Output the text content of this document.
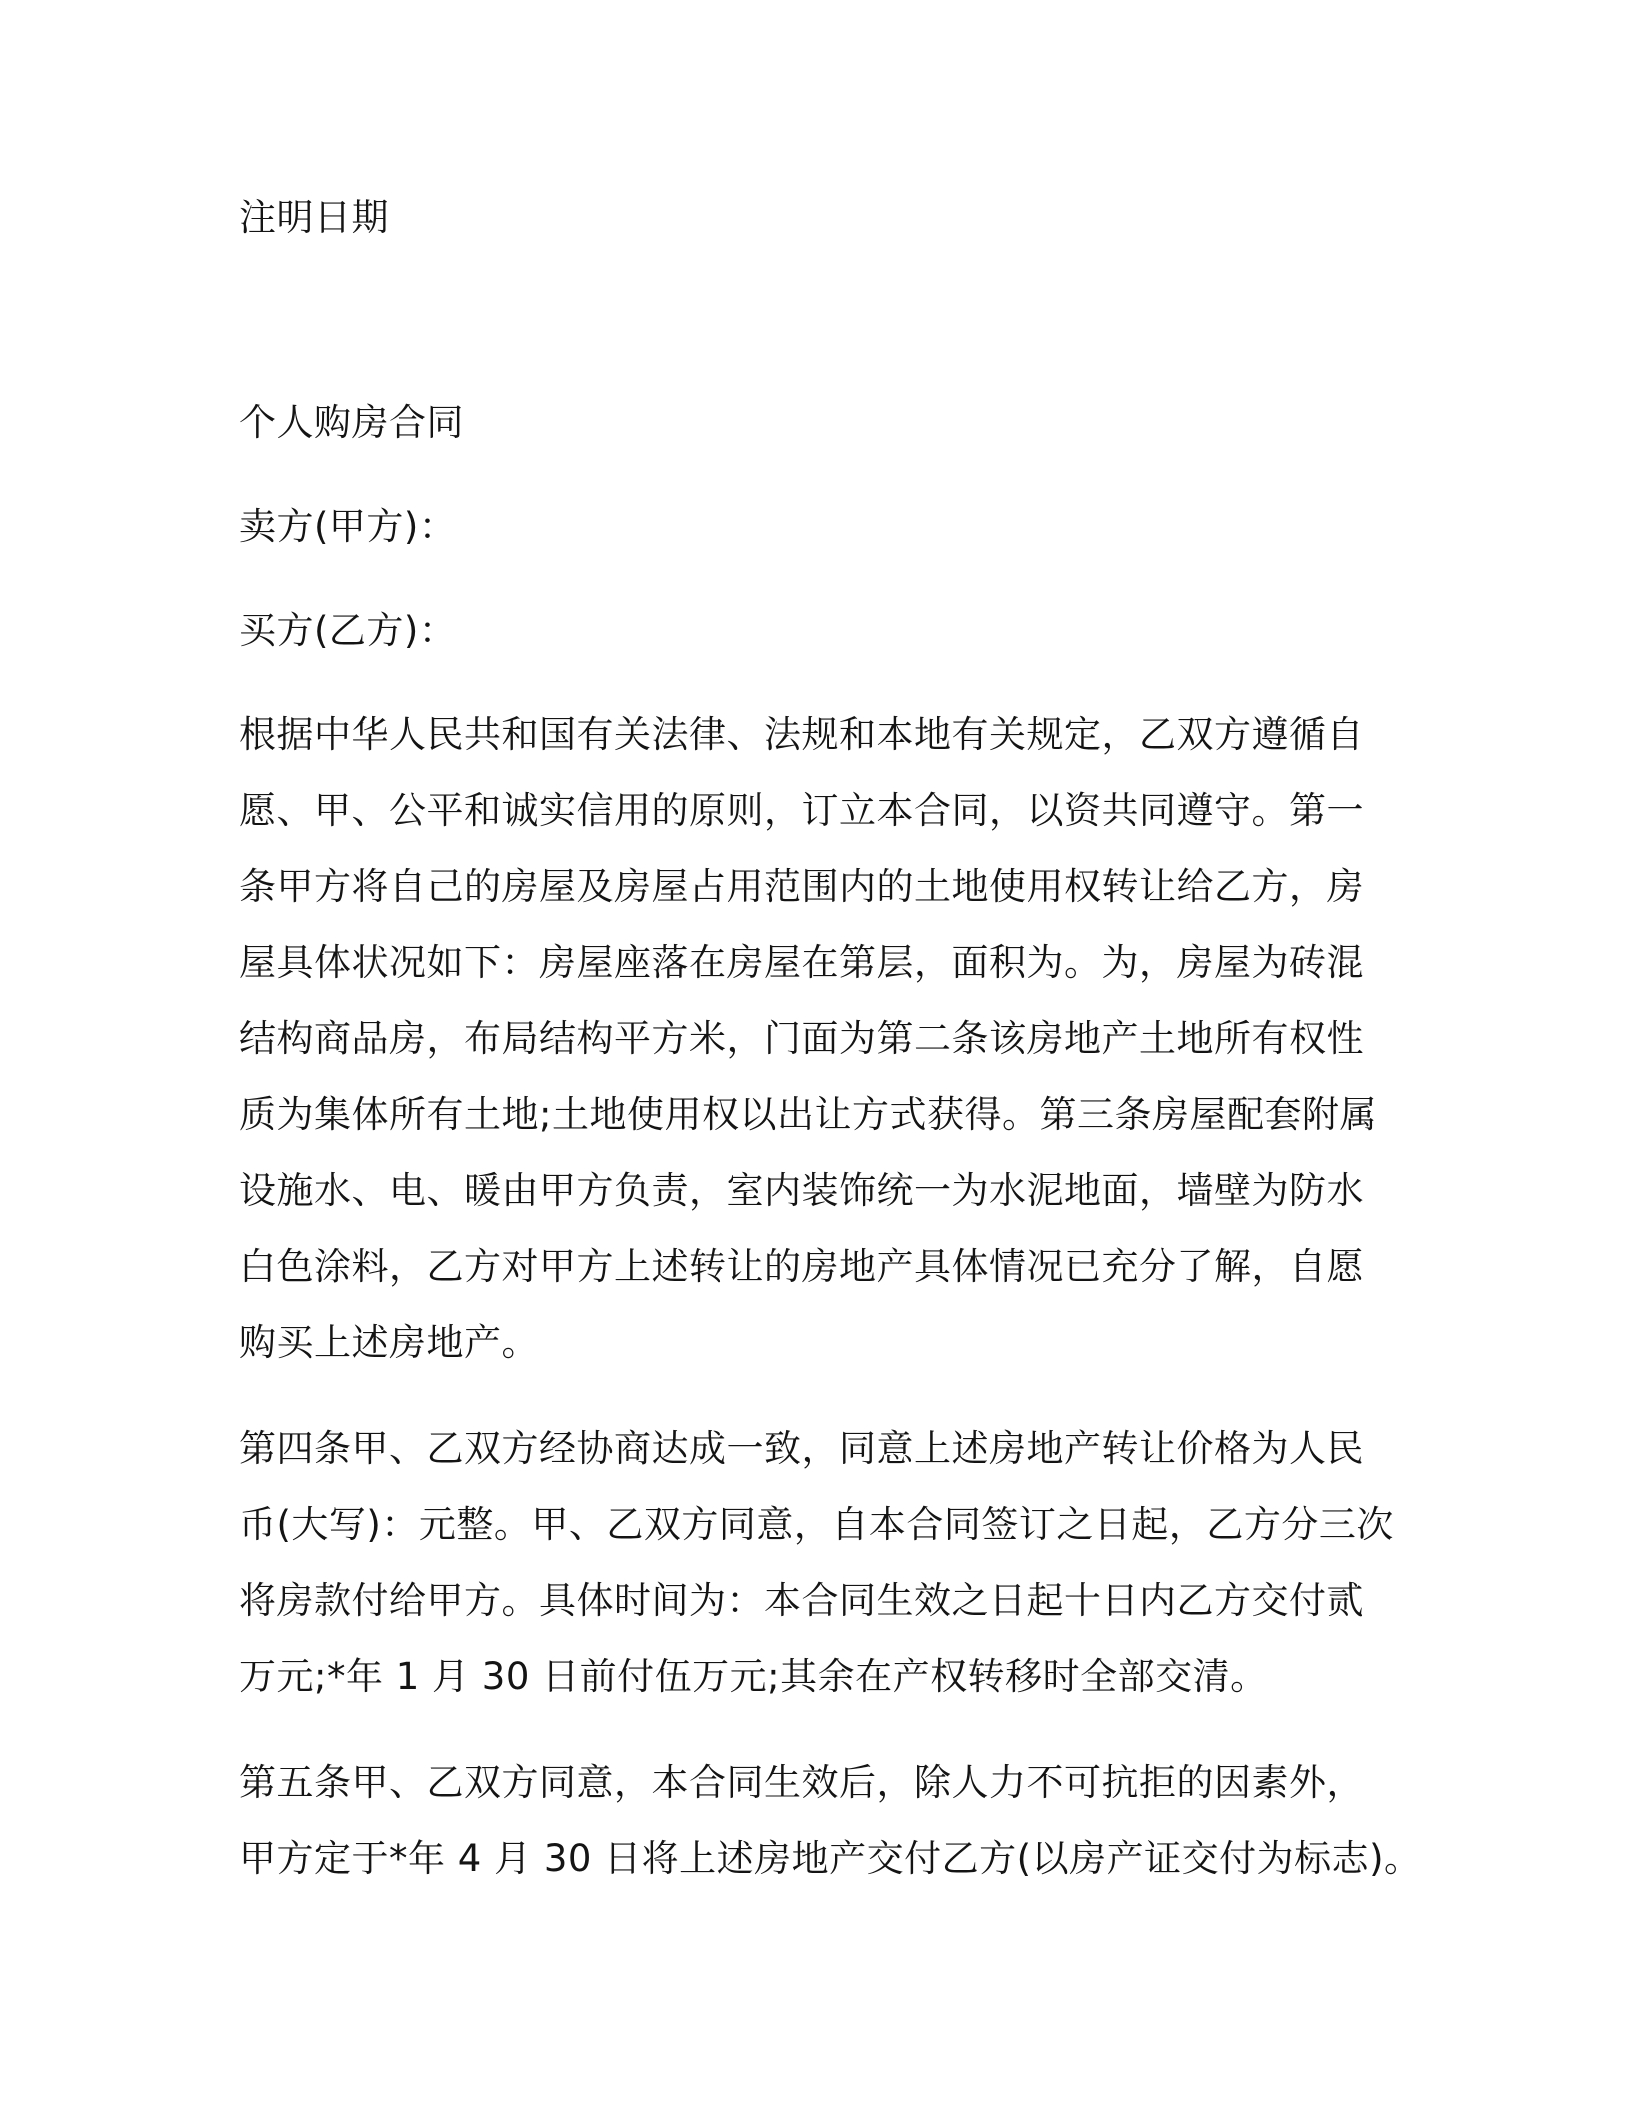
注明日期

个人购房合同

卖方(甲方)：

买方(乙方)：

根据中华人民共和国有关法律、法规和本地有关规定，乙双方遵循自

愿、甲、公平和诚实信用的原则，订立本合同，以资共同遵守。第一

条甲方将自己的房屋及房屋占用范围内的土地使用权转让给乙方，房

屋具体状况如下：房屋座落在房屋在第层，面积为。为，房屋为砖混

结构商品房，布局结构平方米，门面为第二条该房地产土地所有权性

质为集体所有土地;土地使用权以出让方式获得。第三条房屋配套附属

设施水、电、暖由甲方负责，室内装饰统一为水泥地面，墙壁为防水

白色涂料，乙方对甲方上述转让的房地产具体情况已充分了解，自愿

购买上述房地产。

第四条甲、乙双方经协商达成一致，同意上述房地产转让价格为人民

币(大写)：元整。甲、乙双方同意，自本合同签订之日起，乙方分三次

将房款付给甲方。具体时间为：本合同生效之日起十日内乙方交付贰

万元;*年 1 月 30 日前付伍万元;其余在产权转移时全部交清。

第五条甲、乙双方同意，本合同生效后，除人力不可抗拒的因素外，

甲方定于*年 4 月 30 日将上述房地产交付乙方(以房产证交付为标志)。
